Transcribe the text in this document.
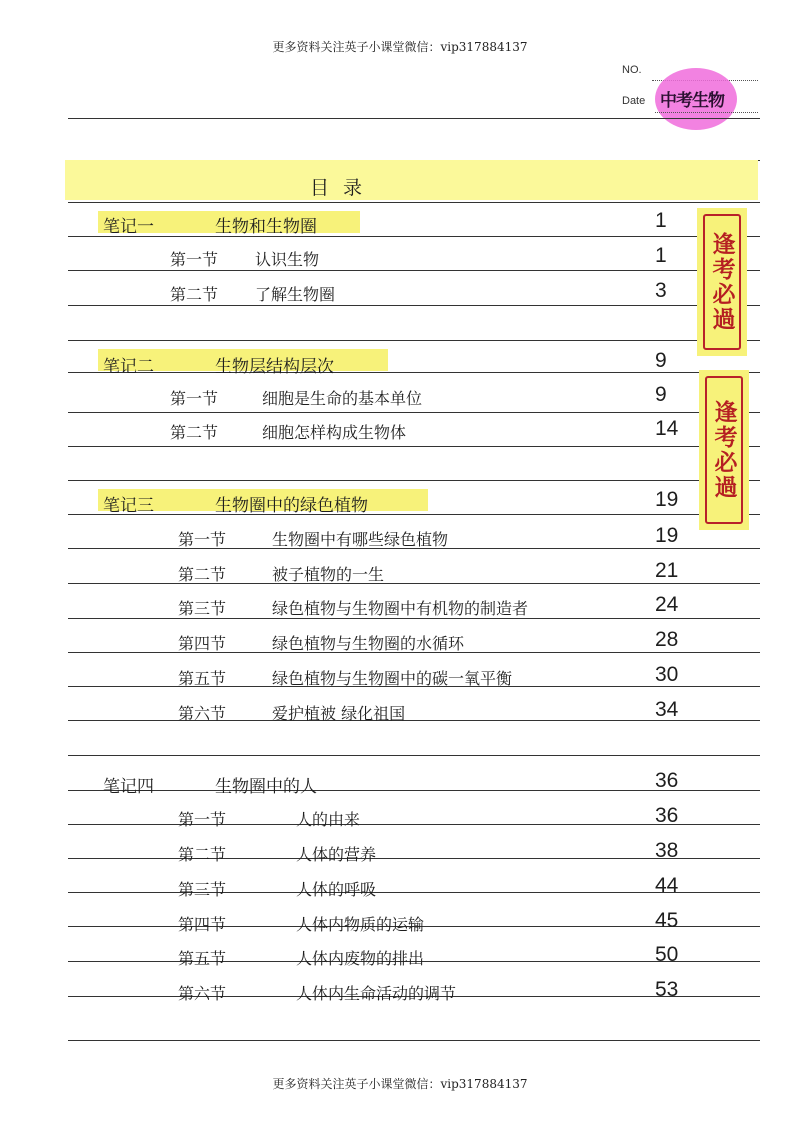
更多资料关注英子小课堂微信：vip317884137
更多资料关注英子小课堂微信：vip317884137
NO.
Date 中考生物
目录
笔记一	生物和生物圈	1
第一节 认识生物	1
第二节 了解生物圈	3
笔记二	生物层结构层次	9
第一节	细胞是生命的基本单位	9
第二节	细胞怎样构成生物体	14
笔记三	生物圈中的绿色植物	19
第一节	生物圈中有哪些绿色植物	19
第二节	被子植物的一生	21
第三节	绿色植物与生物圈中有机物的制造者	24
第四节	绿色植物与生物圈的水循环	28
第五节	绿色植物与生物圈中的碳一氧平衡	30
第六节	爱护植被 绿化祖国	34
笔记四	生物圈中的人	36
第一节	人的由来	36
第二节	人体的营养	38
第三节	人体的呼吸	44
第四节	人体内物质的运输	45
第五节	人体内废物的排出	50
第六节	人体内生命活动的调节	53
逢考必過
逢考必過
